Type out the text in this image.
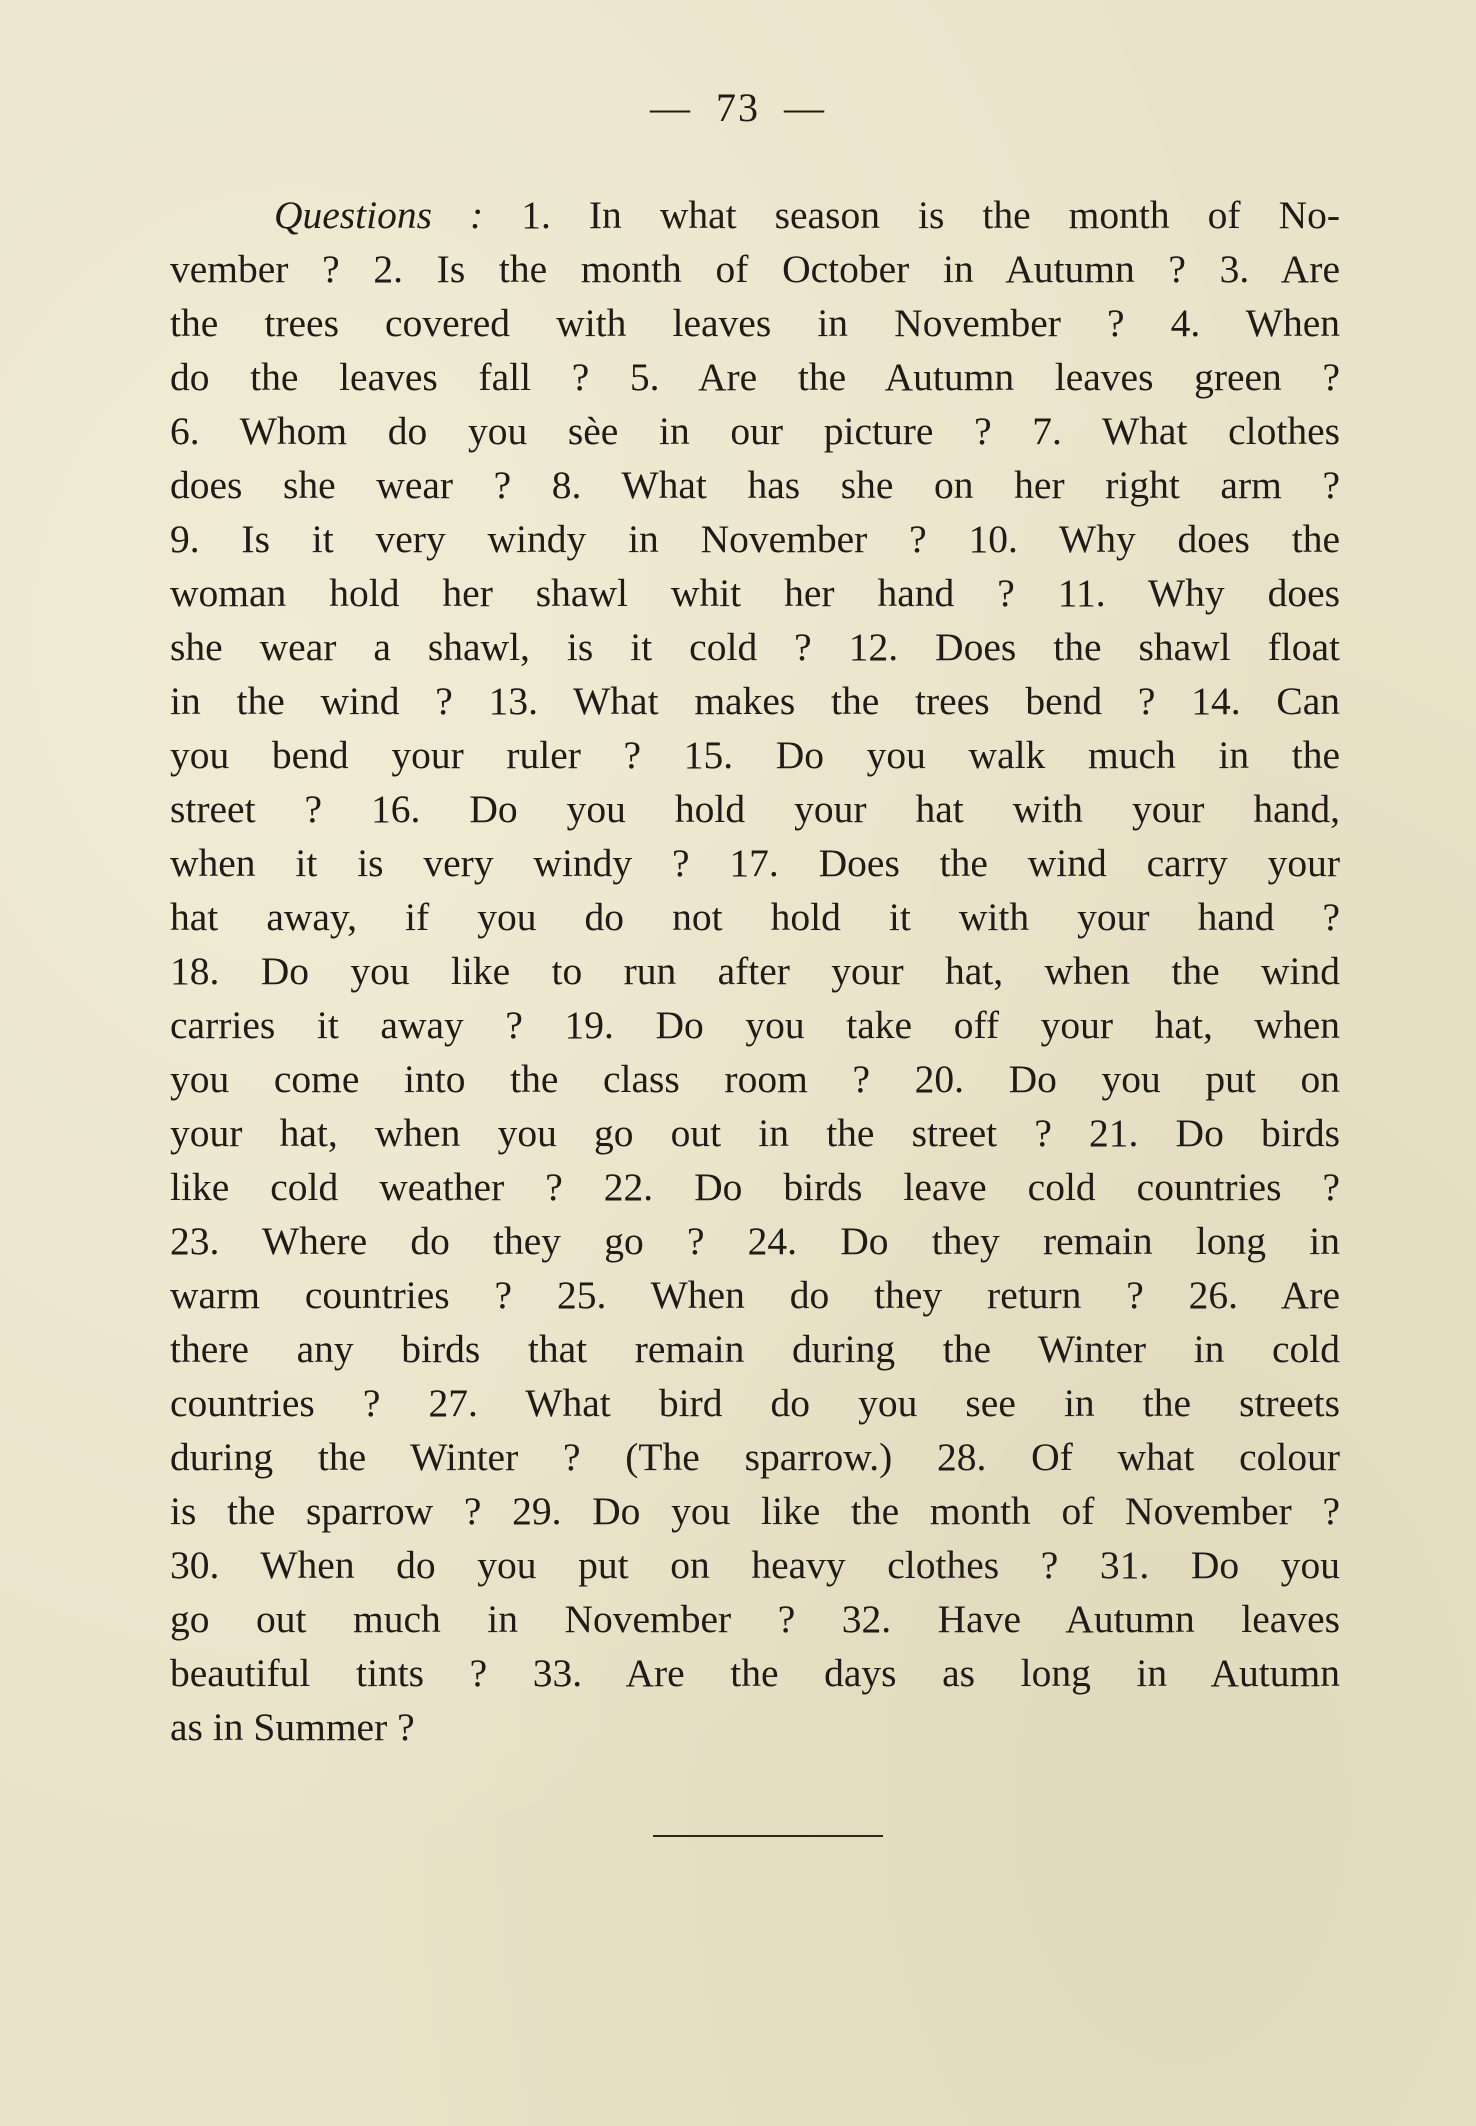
— 73 —
Questions : 1. In what season is the month of No-
vember ? 2. Is the month of October in Autumn ? 3. Are
the trees covered with leaves in November ? 4. When
do the leaves fall ? 5. Are the Autumn leaves green ?
6. Whom do you sèe in our picture ? 7. What clothes
does she wear ? 8. What has she on her right arm ?
9. Is it very windy in November ? 10. Why does the
woman hold her shawl whit her hand ? 11. Why does
she wear a shawl, is it cold ? 12. Does the shawl float
in the wind ? 13. What makes the trees bend ? 14. Can
you bend your ruler ? 15. Do you walk much in the
street ? 16. Do you hold your hat with your hand,
when it is very windy ? 17. Does the wind carry your
hat away, if you do not hold it with your hand ?
18. Do you like to run after your hat, when the wind
carries it away ? 19. Do you take off your hat, when
you come into the class room ? 20. Do you put on
your hat, when you go out in the street ? 21. Do birds
like cold weather ? 22. Do birds leave cold countries ?
23. Where do they go ? 24. Do they remain long in
warm countries ? 25. When do they return ? 26. Are
there any birds that remain during the Winter in cold
countries ? 27. What bird do you see in the streets
during the Winter ? (The sparrow.) 28. Of what colour
is the sparrow ? 29. Do you like the month of November ?
30. When do you put on heavy clothes ? 31. Do you
go out much in November ? 32. Have Autumn leaves
beautiful tints ? 33. Are the days as long in Autumn
as in Summer ?
